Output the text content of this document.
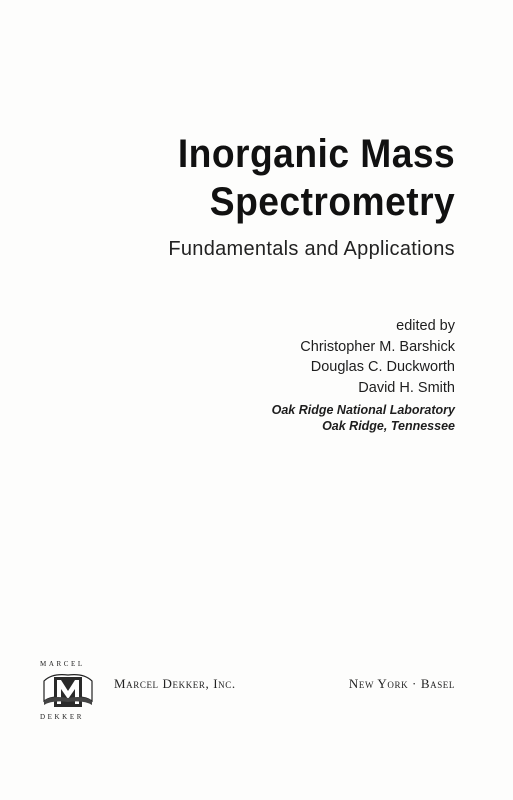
Inorganic Mass
Spectrometry
Fundamentals and Applications
edited by
Christopher M. Barshick
Douglas C. Duckworth
David H. Smith
Oak Ridge National Laboratory
Oak Ridge, Tennessee
MARCEL
DEKKER
Marcel Dekker, Inc.	New York · Basel
